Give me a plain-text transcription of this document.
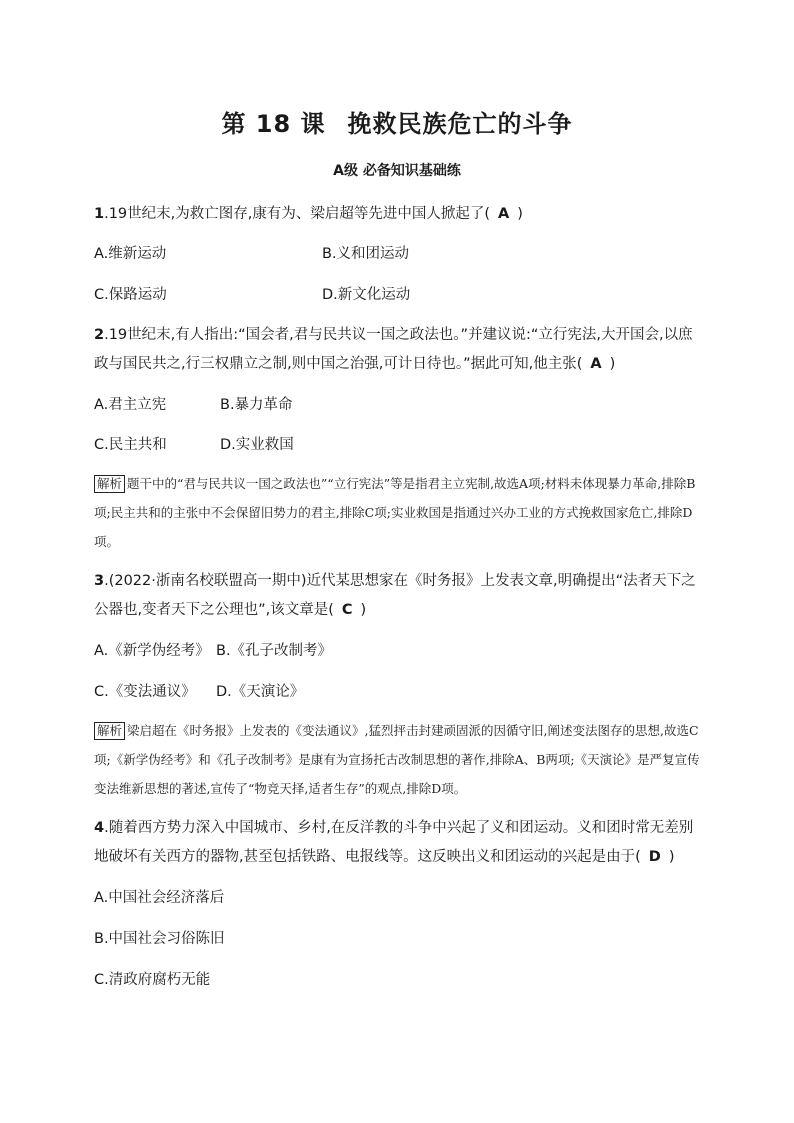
第 18 课 挽救民族危亡的斗争
A级 必备知识基础练
1.19世纪末,为救亡图存,康有为、梁启超等先进中国人掀起了( A )
A.维新运动	B.义和团运动
C.保路运动	D.新文化运动
2.19世纪末,有人指出:“国会者,君与民共议一国之政法也。”并建议说:“立行宪法,大开国会,以庶政与国民共之,行三权鼎立之制,则中国之治强,可计日待也。”据此可知,他主张( A )
A.君主立宪	B.暴力革命
C.民主共和	D.实业救国
解析 题干中的“君与民共议一国之政法也”“立行宪法”等是指君主立宪制,故选A项;材料未体现暴力革命,排除B项;民主共和的主张中不会保留旧势力的君主,排除C项;实业救国是指通过兴办工业的方式挽救国家危亡,排除D项。
3.(2022·浙南名校联盟高一期中)近代某思想家在《时务报》上发表文章,明确提出“法者天下之公器也,变者天下之公理也”,该文章是( C )
A.《新学伪经考》 B.《孔子改制考》
C.《变法通议》 D.《天演论》
解析 梁启超在《时务报》上发表的《变法通议》,猛烈抨击封建顽固派的因循守旧,阐述变法图存的思想,故选C项;《新学伪经考》和《孔子改制考》是康有为宣扬托古改制思想的著作,排除A、B两项;《天演论》是严复宣传变法维新思想的著述,宣传了“物竞天择,适者生存”的观点,排除D项。
4.随着西方势力深入中国城市、乡村,在反洋教的斗争中兴起了义和团运动。义和团时常无差别地破坏有关西方的器物,甚至包括铁路、电报线等。这反映出义和团运动的兴起是由于( D )
A.中国社会经济落后
B.中国社会习俗陈旧
C.清政府腐朽无能
